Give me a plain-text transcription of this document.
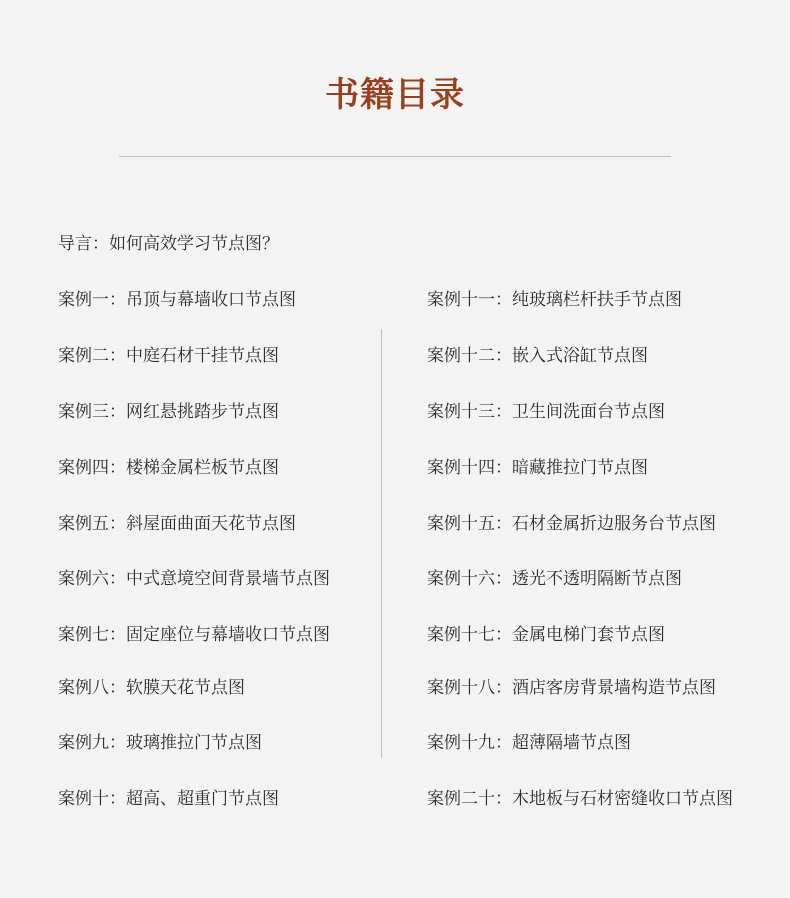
书籍目录
导言：如何高效学习节点图？
案例一：吊顶与幕墙收口节点图
案例二：中庭石材干挂节点图
案例三：网红悬挑踏步节点图
案例四：楼梯金属栏板节点图
案例五：斜屋面曲面天花节点图
案例六：中式意境空间背景墙节点图
案例七：固定座位与幕墙收口节点图
案例八：软膜天花节点图
案例九：玻璃推拉门节点图
案例十：超高、超重门节点图
案例十一：纯玻璃栏杆扶手节点图
案例十二：嵌入式浴缸节点图
案例十三：卫生间洗面台节点图
案例十四：暗藏推拉门节点图
案例十五：石材金属折边服务台节点图
案例十六：透光不透明隔断节点图
案例十七：金属电梯门套节点图
案例十八：酒店客房背景墙构造节点图
案例十九：超薄隔墙节点图
案例二十：木地板与石材密缝收口节点图
